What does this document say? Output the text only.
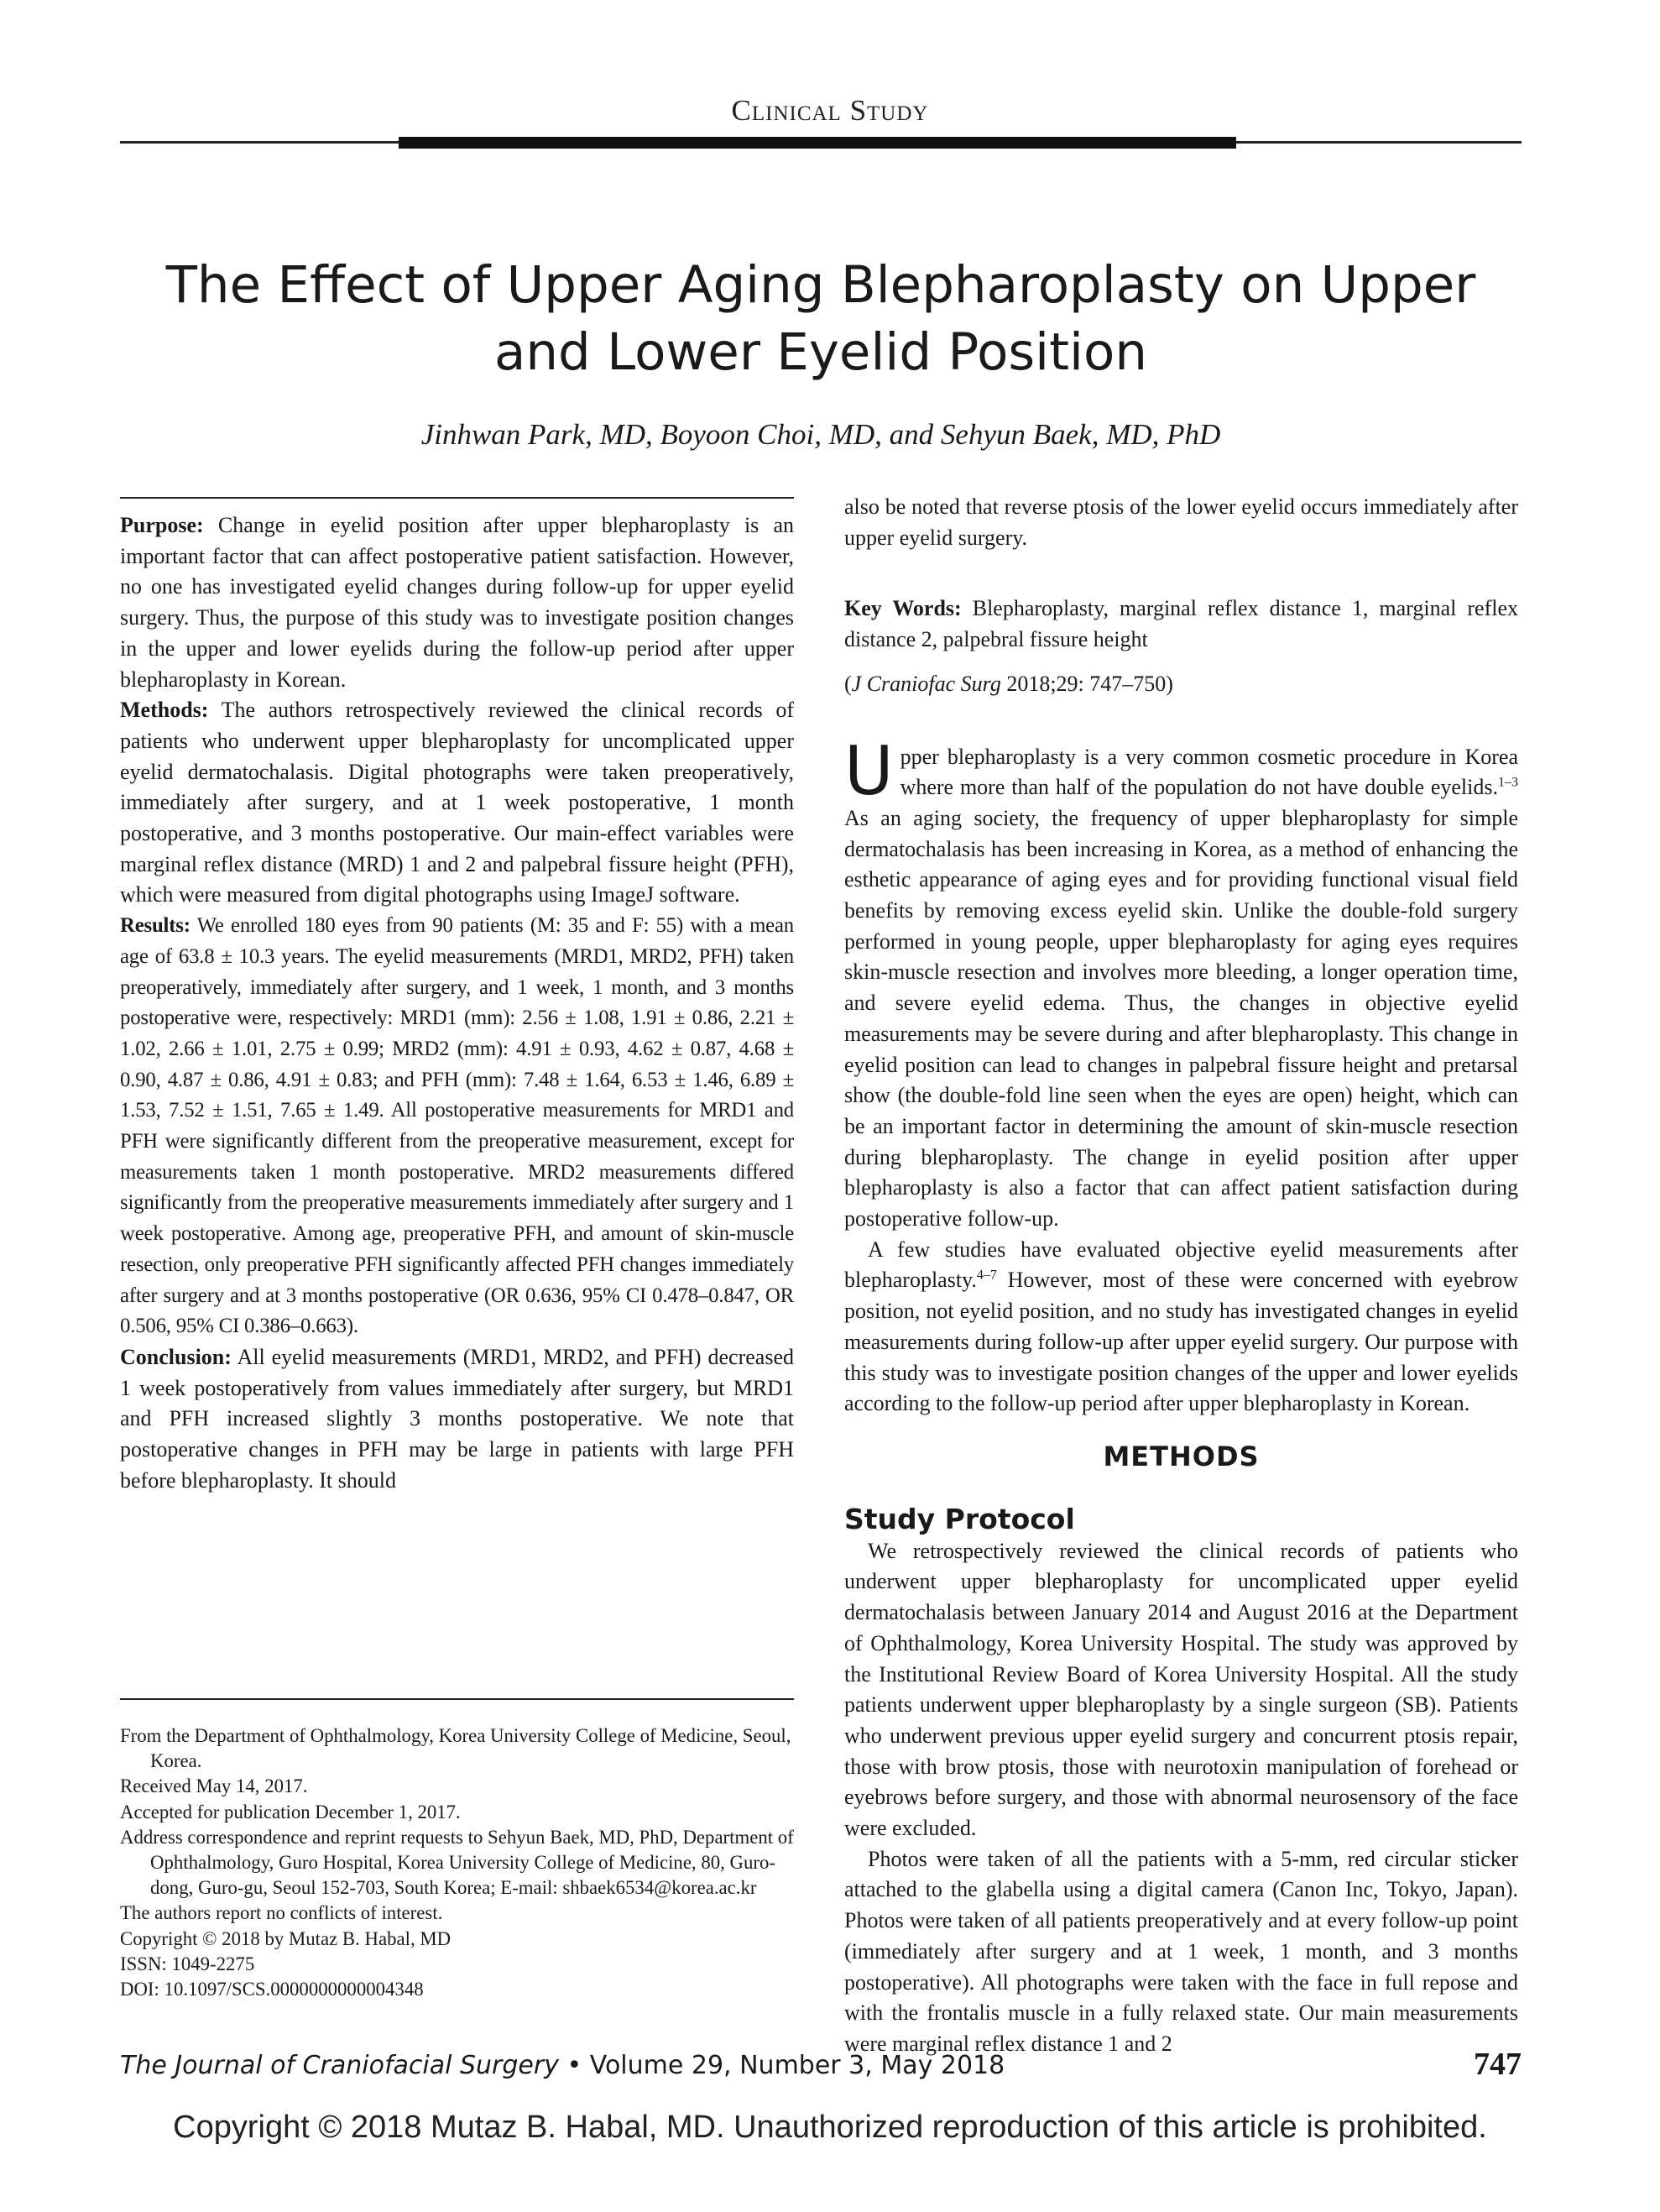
Clinical Study
The Effect of Upper Aging Blepharoplasty on Upper
and Lower Eyelid Position
Jinhwan Park, MD, Boyoon Choi, MD, and Sehyun Baek, MD, PhD

Purpose: Change in eyelid position after upper blepharoplasty is an important factor that can affect postoperative patient satisfaction. However, no one has investigated eyelid changes during follow-up for upper eyelid surgery. Thus, the purpose of this study was to investigate position changes in the upper and lower eyelids during the follow-up period after upper blepharoplasty in Korean.

Methods: The authors retrospectively reviewed the clinical records of patients who underwent upper blepharoplasty for uncomplicated upper eyelid dermatochalasis. Digital photographs were taken preoperatively, immediately after surgery, and at 1 week postoperative, 1 month postoperative, and 3 months postoperative. Our main-effect variables were marginal reflex distance (MRD) 1 and 2 and palpebral fissure height (PFH), which were measured from digital photographs using ImageJ software.

Results: We enrolled 180 eyes from 90 patients (M: 35 and F: 55) with a mean age of 63.8 ± 10.3 years. The eyelid measurements (MRD1, MRD2, PFH) taken preoperatively, immediately after surgery, and 1 week, 1 month, and 3 months postoperative were, respectively: MRD1 (mm): 2.56 ± 1.08, 1.91 ± 0.86, 2.21 ± 1.02, 2.66 ± 1.01, 2.75 ± 0.99; MRD2 (mm): 4.91 ± 0.93, 4.62 ± 0.87, 4.68 ± 0.90, 4.87 ± 0.86, 4.91 ± 0.83; and PFH (mm): 7.48 ± 1.64, 6.53 ± 1.46, 6.89 ± 1.53, 7.52 ± 1.51, 7.65 ± 1.49. All postoperative measurements for MRD1 and PFH were significantly different from the preoperative measurement, except for measurements taken 1 month postoperative. MRD2 measurements differed significantly from the preoperative measurements immediately after surgery and 1 week postoperative. Among age, preoperative PFH, and amount of skin-muscle resection, only preoperative PFH significantly affected PFH changes immediately after surgery and at 3 months postoperative (OR 0.636, 95% CI 0.478–0.847, OR 0.506, 95% CI 0.386–0.663).

Conclusion: All eyelid measurements (MRD1, MRD2, and PFH) decreased 1 week postoperatively from values immediately after surgery, but MRD1 and PFH increased slightly 3 months postoperative. We note that postoperative changes in PFH may be large in patients with large PFH before blepharoplasty. It should

From the Department of Ophthalmology, Korea University College of Medicine, Seoul, Korea.

Received May 14, 2017.

Accepted for publication December 1, 2017.

Address correspondence and reprint requests to Sehyun Baek, MD, PhD, Department of Ophthalmology, Guro Hospital, Korea University College of Medicine, 80, Guro-dong, Guro-gu, Seoul 152-703, South Korea; E-mail: shbaek6534@korea.ac.kr

The authors report no conflicts of interest.

Copyright © 2018 by Mutaz B. Habal, MD

ISSN: 1049-2275

DOI: 10.1097/SCS.0000000000004348

also be noted that reverse ptosis of the lower eyelid occurs immediately after upper eyelid surgery.

Key Words: Blepharoplasty, marginal reflex distance 1, marginal reflex distance 2, palpebral fissure height

(J Craniofac Surg 2018;29: 747–750)

Upper blepharoplasty is a very common cosmetic procedure in Korea where more than half of the population do not have double eyelids.$^{1-3}$ As an aging society, the frequency of upper blepharoplasty for simple dermatochalasis has been increasing in Korea, as a method of enhancing the esthetic appearance of aging eyes and for providing functional visual field benefits by removing excess eyelid skin. Unlike the double-fold surgery performed in young people, upper blepharoplasty for aging eyes requires skin-muscle resection and involves more bleeding, a longer operation time, and severe eyelid edema. Thus, the changes in objective eyelid measurements may be severe during and after blepharoplasty. This change in eyelid position can lead to changes in palpebral fissure height and pretarsal show (the double-fold line seen when the eyes are open) height, which can be an important factor in determining the amount of skin-muscle resection during blepharoplasty. The change in eyelid position after upper blepharoplasty is also a factor that can affect patient satisfaction during postoperative follow-up.

A few studies have evaluated objective eyelid measurements after blepharoplasty.$^{4-7}$ However, most of these were concerned with eyebrow position, not eyelid position, and no study has investigated changes in eyelid measurements during follow-up after upper eyelid surgery. Our purpose with this study was to investigate position changes of the upper and lower eyelids according to the follow-up period after upper blepharoplasty in Korean.

METHODS

Study Protocol

We retrospectively reviewed the clinical records of patients who underwent upper blepharoplasty for uncomplicated upper eyelid dermatochalasis between January 2014 and August 2016 at the Department of Ophthalmology, Korea University Hospital. The study was approved by the Institutional Review Board of Korea University Hospital. All the study patients underwent upper blepharoplasty by a single surgeon (SB). Patients who underwent previous upper eyelid surgery and concurrent ptosis repair, those with brow ptosis, those with neurotoxin manipulation of forehead or eyebrows before surgery, and those with abnormal neurosensory of the face were excluded.

Photos were taken of all the patients with a 5-mm, red circular sticker attached to the glabella using a digital camera (Canon Inc, Tokyo, Japan). Photos were taken of all patients preoperatively and at every follow-up point (immediately after surgery and at 1 week, 1 month, and 3 months postoperative). All photographs were taken with the face in full repose and with the frontalis muscle in a fully relaxed state. Our main measurements were marginal reflex distance 1 and 2

The Journal of Craniofacial Surgery • Volume 29, Number 3, May 2018	747
Copyright © 2018 Mutaz B. Habal, MD. Unauthorized reproduction of this article is prohibited.
